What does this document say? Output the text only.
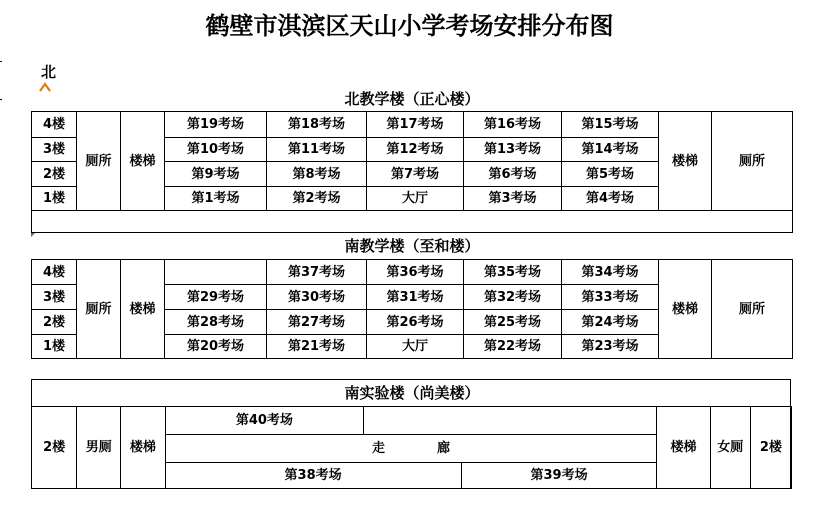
鹤壁市淇滨区天山小学考场安排分布图
北
北教学楼（正心楼）
4楼	厕所	楼梯	第19考场	第18考场	第17考场	第16考场	第15考场	楼梯	厕所
3楼			第10考场	第11考场	第12考场	第13考场	第14考场		
2楼			第9考场	第8考场	第7考场	第6考场	第5考场		
1楼			第1考场	第2考场	大厅	第3考场	第4考场		

南教学楼（至和楼）
4楼	厕所	楼梯		第37考场	第36考场	第35考场	第34考场	楼梯	厕所
3楼			第29考场	第30考场	第31考场	第32考场	第33考场		
2楼			第28考场	第27考场	第26考场	第25考场	第24考场		
1楼			第20考场	第21考场	大厅	第22考场	第23考场		
南实验楼（尚美楼）
2楼	男厕	楼梯	第40考场			楼梯	女厕	2楼
			走　　　　廊					
			第38考场		第39考场			
